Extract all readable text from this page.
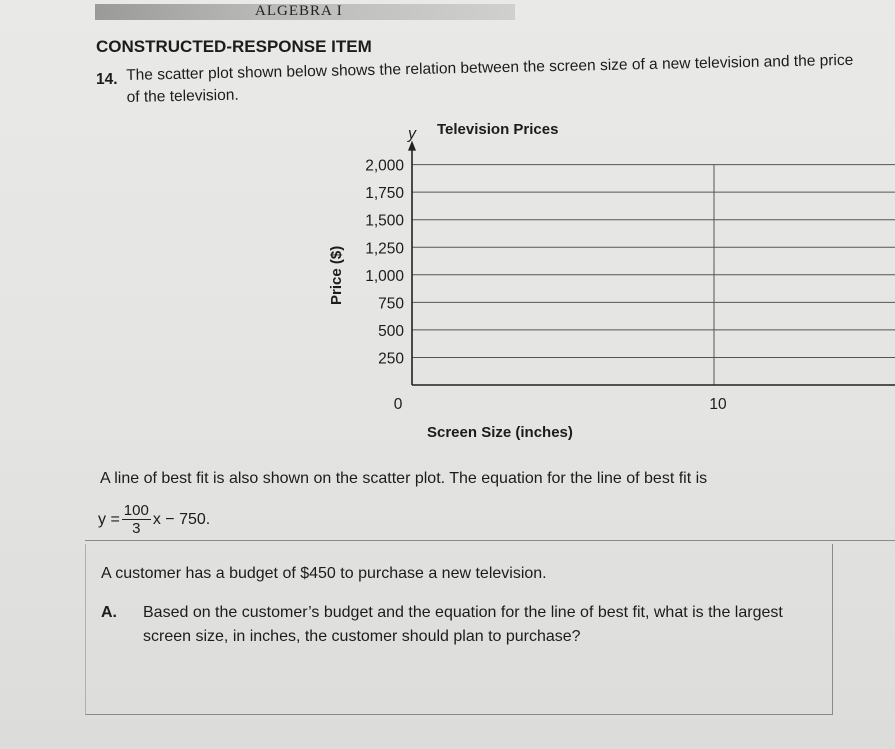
ALGEBRA I
CONSTRUCTED-RESPONSE ITEM
14. The scatter plot shown below shows the relation between the screen size of a new television and the price of the television.
Television Prices
Price ($)
Screen Size (inches)
y
250
500
750
1,000
1,250
1,500
1,750
2,000
10
0
A line of best fit is also shown on the scatter plot. The equation for the line of best fit is
$y = \frac{100}{3}$ x − 750.
A customer has a budget of $450 to purchase a new television.
A. Based on the customer’s budget and the equation for the line of best fit, what is the largest screen size, in inches, the customer should plan to purchase?
